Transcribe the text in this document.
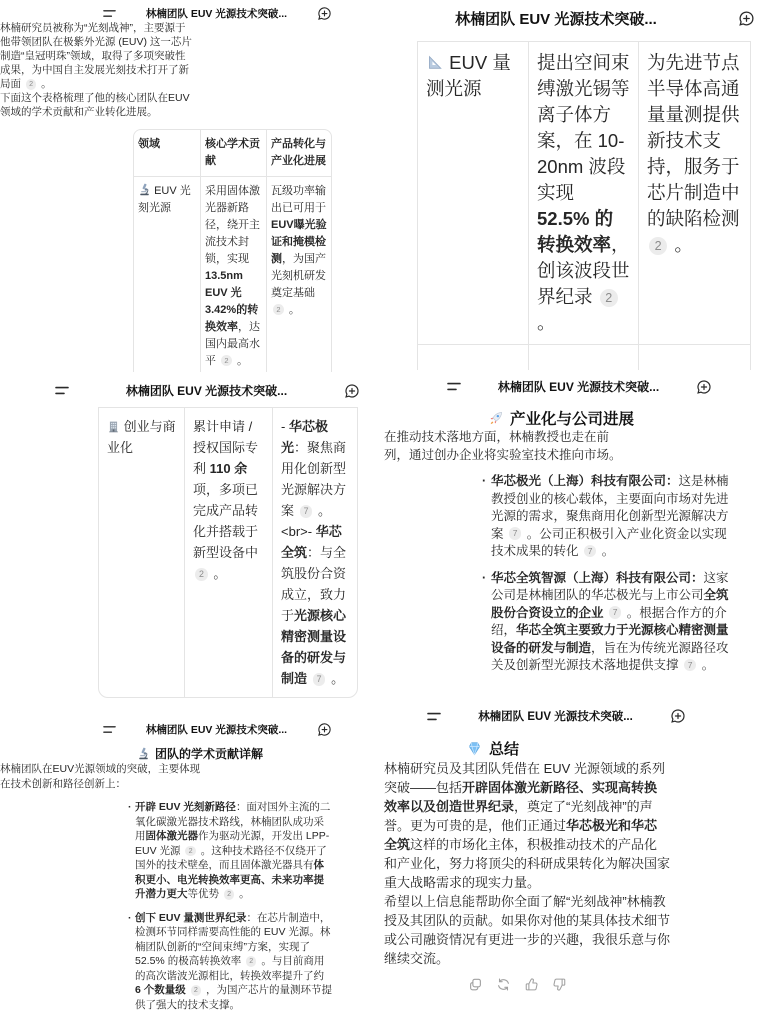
林楠团队 EUV 光源技术突破...

林楠研究员被称为“光刻战神”，主要源于他带领团队在极紫外光源 (EUV) 这一芯片制造“皇冠明珠”领域，取得了多项突破性成果，为中国自主发展光刻技术打开了新局面 2 。

下面这个表格梳理了他的核心团队在EUV领域的学术贡献和产业转化进展。

领域	核心学术贡献
产品转化与产业化进展
EUV 光刻光源
采用固体激光器新路径，绕开主流技术封锁，实现 13.5nm EUV 光 3.42%的转换效率，达国内最高水平 2 。
瓦级功率输出已可用于 EUV曝光验证和掩模检测，为国产光刻机研发奠定基础 2 。
林楠团队 EUV 光源技术突破...
EUV 量测光源
提出空间束缚激光锡等离子体方案，在 10-20nm 波段实现 52.5% 的转换效率，创该波段世界纪录 2 。
为先进节点半导体高通量量测提供新技术支持，服务于芯片制造中的缺陷检测 2 。
林楠团队 EUV 光源技术突破...
创业与商业化
累计申请 / 授权国际专利 110 余项，多项已完成产品转化并搭载于新型设备中 2 。
- 华芯极光：聚焦商用化创新型光源解决方案 7 。<br>- 华芯全筑：与全筑股份合资成立，致力于光源核心精密测量设备的研发与制造 7 。
林楠团队 EUV 光源技术突破...
产业化与公司进展

在推动技术落地方面，林楠教授也走在前列，通过创办企业将实验室技术推向市场。

· 华芯极光（上海）科技有限公司：这是林楠教授创业的核心载体，主要面向市场对先进光源的需求，聚焦商用化创新型光源解决方案 7 。公司正积极引入产业化资金以实现技术成果的转化 7 。
· 华芯全筑智源（上海）科技有限公司：这家公司是林楠团队的华芯极光与上市公司全筑股份合资设立的企业 7 。根据合作方的介绍，华芯全筑主要致力于光源核心精密测量设备的研发与制造，旨在为传统光源路径攻关及创新型光源技术落地提供支撑 7 。
林楠团队 EUV 光源技术突破...
团队的学术贡献详解

林楠团队在EUV光源领域的突破，主要体现在技术创新和路径创新上：

· 开辟 EUV 光刻新路径：面对国外主流的二氧化碳激光器技术路线，林楠团队成功采用固体激光器作为驱动光源，开发出 LPP-EUV 光源 2 。这种技术路径不仅绕开了国外的技术壁垒，而且固体激光器具有体积更小、电光转换效率更高、未来功率提升潜力更大等优势 2 。
· 创下 EUV 量测世界纪录：在芯片制造中，检测环节同样需要高性能的 EUV 光源。林楠团队创新的“空间束缚”方案，实现了 52.5% 的极高转换效率 2 。与目前商用的高次谐波光源相比，转换效率提升了约 6 个数量级 2 ，为国产芯片的量测环节提供了强大的技术支撑。
林楠团队 EUV 光源技术突破...
总结

林楠研究员及其团队凭借在 EUV 光源领域的系列突破——包括开辟固体激光新路径、实现高转换效率以及创造世界纪录，奠定了“光刻战神”的声誉。更为可贵的是，他们正通过华芯极光和华芯全筑这样的市场化主体，积极推动技术的产品化和产业化，努力将顶尖的科研成果转化为解决国家重大战略需求的现实力量。

希望以上信息能帮助你全面了解“光刻战神”林楠教授及其团队的贡献。如果你对他的某具体技术细节或公司融资情况有更进一步的兴趣，我很乐意与你继续交流。
